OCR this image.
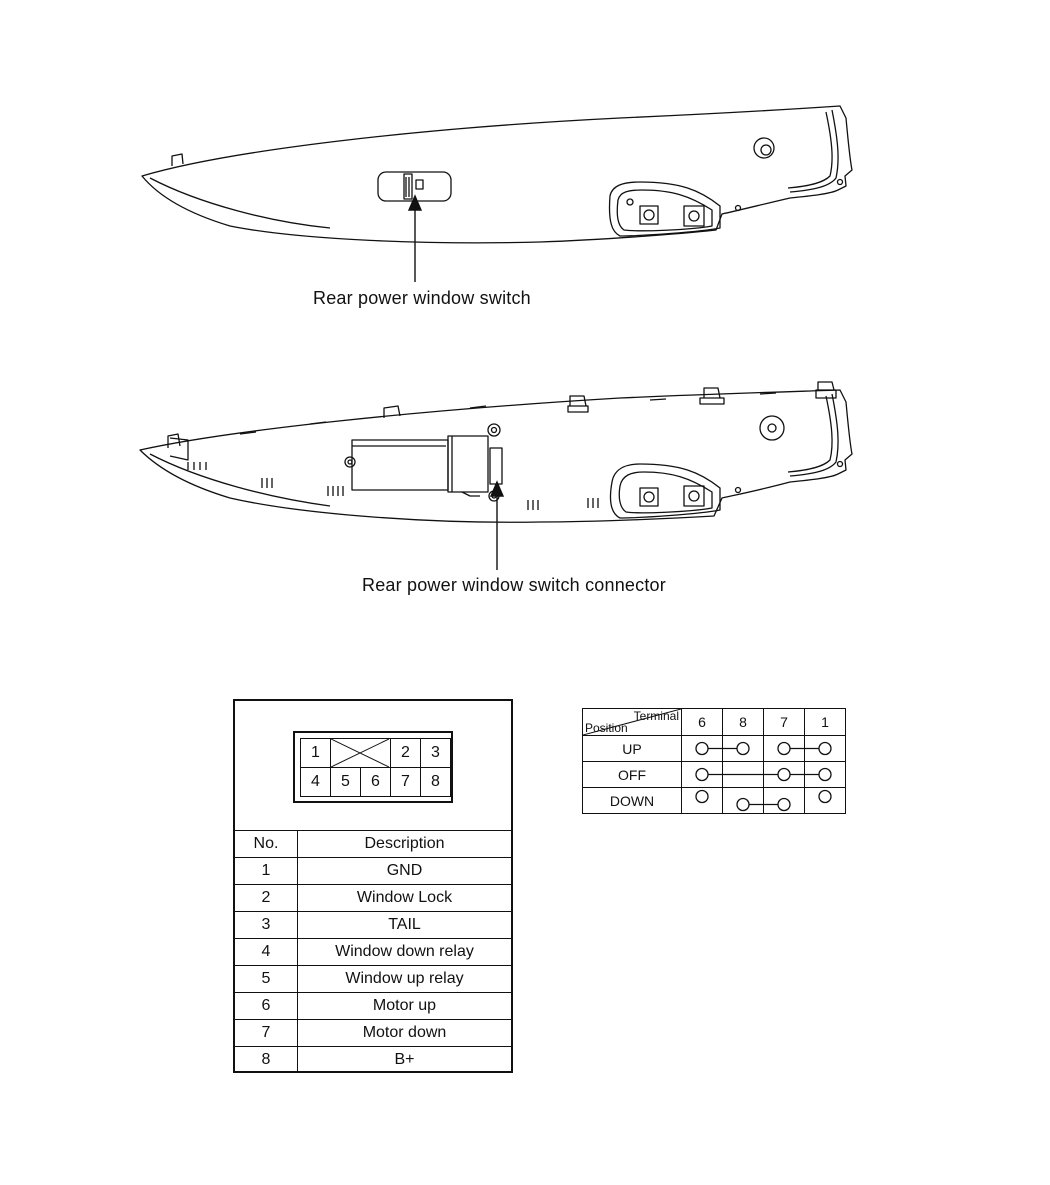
Rear power window switch
Rear power window switch connector
1			2	3
4	5	6	7	8
No.	Description
1	GND
2	Window Lock
3	TAIL
4	Window down relay
5	Window up relay
6	Motor up
7	Motor down
8	B+
Terminal
Position	6	8	7	1
UP				
OFF				
DOWN				
